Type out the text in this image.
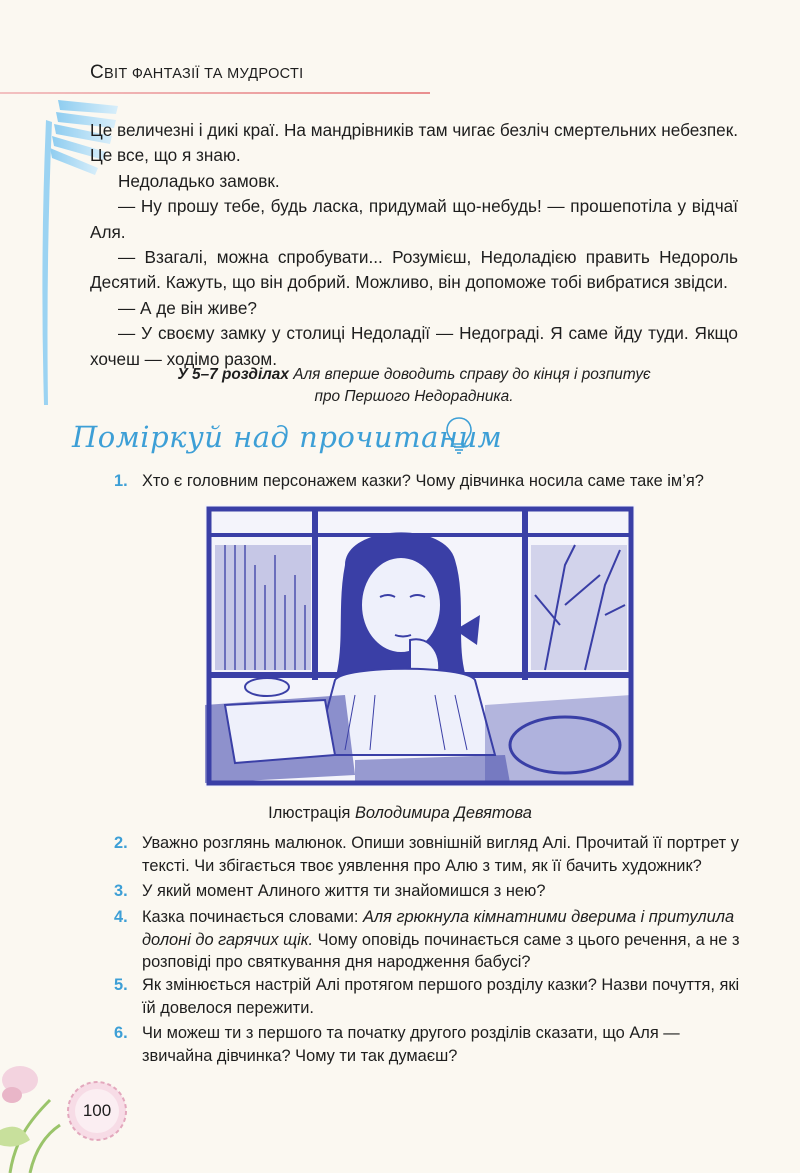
СВІТ ФАНТАЗІЇ ТА МУДРОСТІ

Це величезні і дикі краї. На мандрівників там чигає безліч смертельних небезпек. Це все, що я знаю.

Недоладько замовк.

— Ну прошу тебе, будь ласка, придумай що-небудь! — прошепотіла у відчаї Аля.

— Взагалі, можна спробувати... Розумієш, Недоладією править Недороль Десятий. Кажуть, що він добрий. Можливо, він допоможе тобі вибратися звідси.

— А де він живе?

— У своєму замку у столиці Недоладії — Недограді. Я саме йду туди. Якщо хочеш — ходімо разом.

У 5–7 розділах Аля вперше доводить справу до кінця і розпитує
про Першого Недорадника.
Поміркуй над прочитаним
1. Хто є головним персонажем казки? Чому дівчинка носила саме таке ім’я?
Ілюстрація Володимира Девятова
2. Уважно розглянь малюнок. Опиши зовнішній вигляд Алі. Прочитай її портрет у тексті. Чи збігається твоє уявлення про Алю з тим, як її бачить художник?
3. У який момент Алиного життя ти знайомишся з нею?
4. Казка починається словами: Аля грюкнула кімнатними дверима і притулила долоні до гарячих щік. Чому оповідь починається саме з цього речення, а не з розповіді про святкування дня народження бабусі?
5. Як змінюється настрій Алі протягом першого розділу казки? Назви почуття, які їй довелося пережити.
6. Чи можеш ти з першого та початку другого розділів сказати, що Аля — звичайна дівчинка? Чому ти так думаєш?
100
